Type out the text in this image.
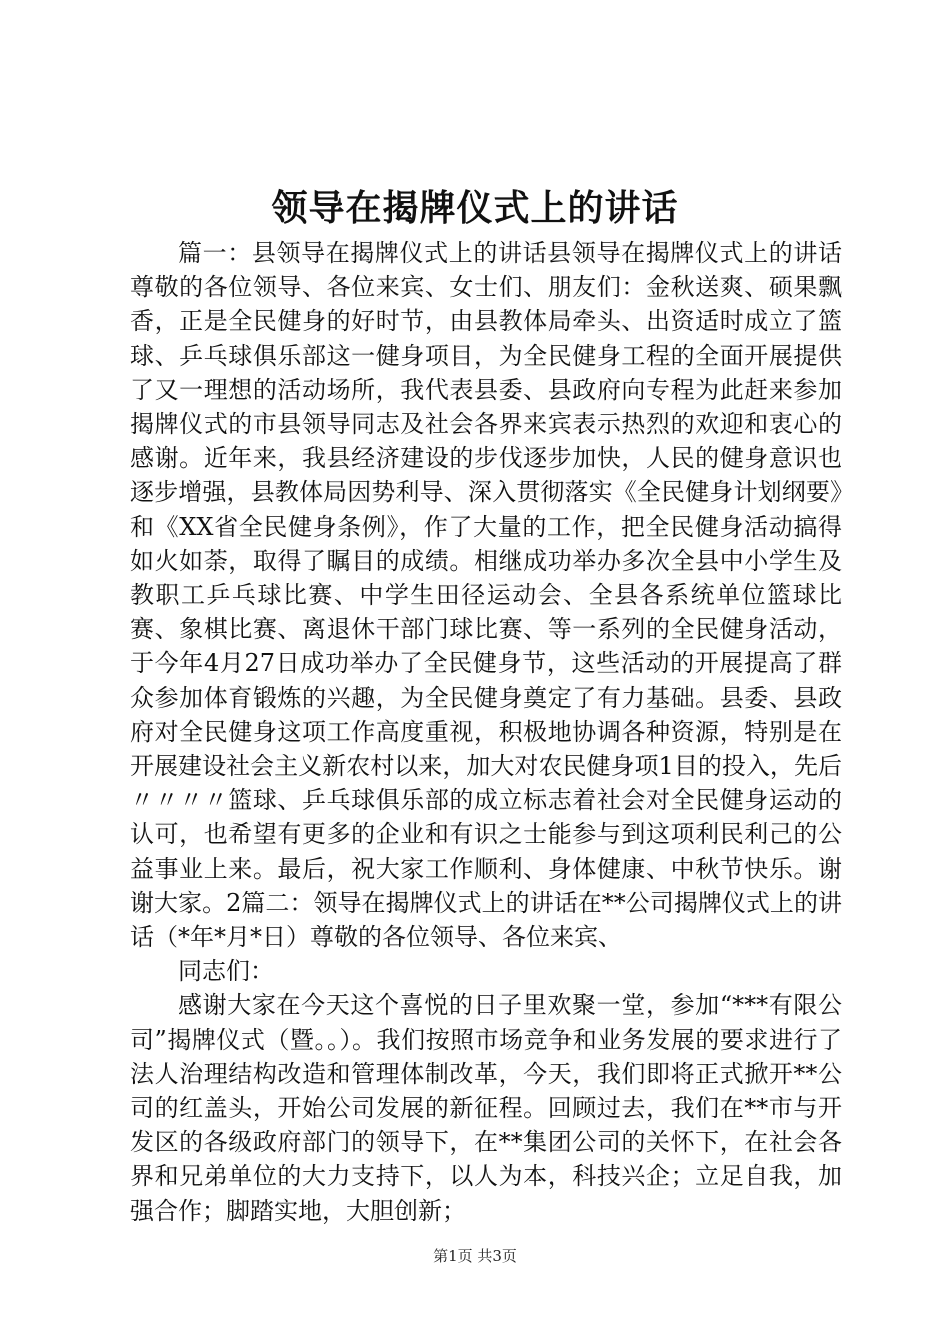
领导在揭牌仪式上的讲话

篇一：县领导在揭牌仪式上的讲话县领导在揭牌仪式上的讲话尊敬的各位领导、各位来宾、女士们、朋友们：金秋送爽、硕果飘香，正是全民健身的好时节，由县教体局牵头、出资适时成立了篮球、乒乓球俱乐部这一健身项目，为全民健身工程的全面开展提供了又一理想的活动场所，我代表县委、县政府向专程为此赶来参加揭牌仪式的市县领导同志及社会各界来宾表示热烈的欢迎和衷心的感谢。近年来，我县经济建设的步伐逐步加快，人民的健身意识也逐步增强，县教体局因势利导、深入贯彻落实《全民健身计划纲要》和《XX省全民健身条例》，作了大量的工作，把全民健身活动搞得如火如荼，取得了瞩目的成绩。相继成功举办多次全县中小学生及教职工乒乓球比赛、中学生田径运动会、全县各系统单位篮球比赛、象棋比赛、离退休干部门球比赛、等一系列的全民健身活动，于今年4月27日成功举办了全民健身节，这些活动的开展提高了群众参加体育锻炼的兴趣，为全民健身奠定了有力基础。县委、县政府对全民健身这项工作高度重视，积极地协调各种资源，特别是在开展建设社会主义新农村以来，加大对农民健身项1目的投入，先后〃〃〃〃篮球、乒乓球俱乐部的成立标志着社会对全民健身运动的认可，也希望有更多的企业和有识之士能参与到这项利民利己的公益事业上来。最后，祝大家工作顺利、身体健康、中秋节快乐。谢谢大家。2篇二：领导在揭牌仪式上的讲话在**公司揭牌仪式上的讲话（*年*月*日）尊敬的各位领导、各位来宾、

同志们：

感谢大家在今天这个喜悦的日子里欢聚一堂，参加“***有限公司”揭牌仪式（暨。。）。我们按照市场竞争和业务发展的要求进行了法人治理结构改造和管理体制改革，今天，我们即将正式掀开**公司的红盖头，开始公司发展的新征程。回顾过去，我们在**市与开发区的各级政府部门的领导下，在**集团公司的关怀下，在社会各界和兄弟单位的大力支持下，以人为本，科技兴企；立足自我，加强合作；脚踏实地，大胆创新；

第1页 共3页
